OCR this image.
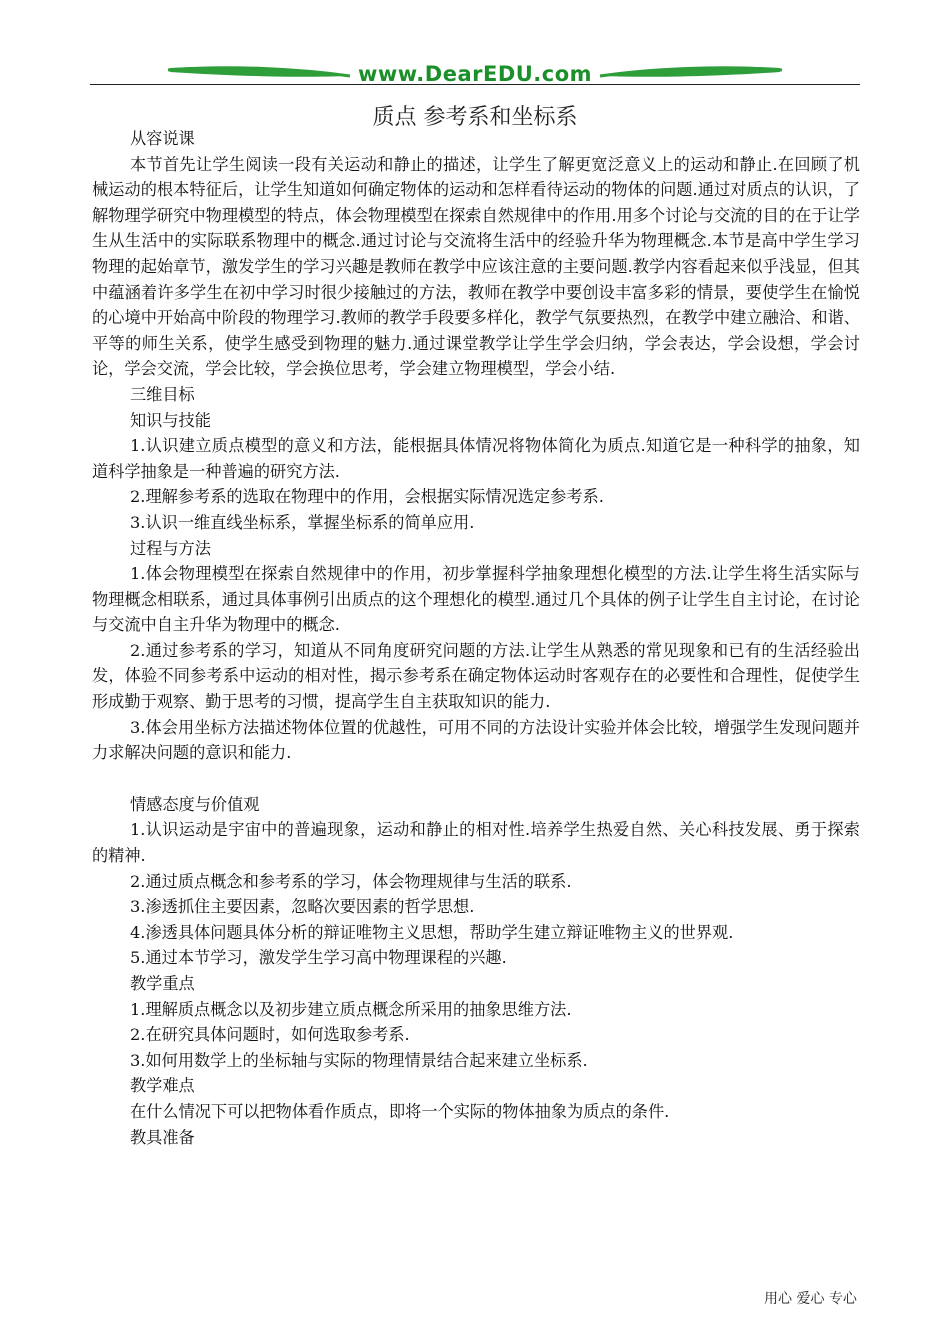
www.DearEDU.com
质点 参考系和坐标系

从容说课

本节首先让学生阅读一段有关运动和静止的描述，让学生了解更宽泛意义上的运动和静止.在回顾了机械运动的根本特征后，让学生知道如何确定物体的运动和怎样看待运动的物体的问题.通过对质点的认识，了解物理学研究中物理模型的特点，体会物理模型在探索自然规律中的作用.用多个讨论与交流的目的在于让学生从生活中的实际联系物理中的概念.通过讨论与交流将生活中的经验升华为物理概念.本节是高中学生学习物理的起始章节，激发学生的学习兴趣是教师在教学中应该注意的主要问题.教学内容看起来似乎浅显，但其中蕴涵着许多学生在初中学习时很少接触过的方法，教师在教学中要创设丰富多彩的情景，要使学生在愉悦的心境中开始高中阶段的物理学习.教师的教学手段要多样化，教学气氛要热烈，在教学中建立融洽、和谐、平等的师生关系，使学生感受到物理的魅力.通过课堂教学让学生学会归纳，学会表达，学会设想，学会讨论，学会交流，学会比较，学会换位思考，学会建立物理模型，学会小结.

三维目标

知识与技能

1.认识建立质点模型的意义和方法，能根据具体情况将物体简化为质点.知道它是一种科学的抽象，知道科学抽象是一种普遍的研究方法.

2.理解参考系的选取在物理中的作用，会根据实际情况选定参考系.

3.认识一维直线坐标系，掌握坐标系的简单应用.

过程与方法

1.体会物理模型在探索自然规律中的作用，初步掌握科学抽象理想化模型的方法.让学生将生活实际与物理概念相联系，通过具体事例引出质点的这个理想化的模型.通过几个具体的例子让学生自主讨论，在讨论与交流中自主升华为物理中的概念.

2.通过参考系的学习，知道从不同角度研究问题的方法.让学生从熟悉的常见现象和已有的生活经验出发，体验不同参考系中运动的相对性，揭示参考系在确定物体运动时客观存在的必要性和合理性，促使学生形成勤于观察、勤于思考的习惯，提高学生自主获取知识的能力.

3.体会用坐标方法描述物体位置的优越性，可用不同的方法设计实验并体会比较，增强学生发现问题并力求解决问题的意识和能力.

情感态度与价值观

1.认识运动是宇宙中的普遍现象，运动和静止的相对性.培养学生热爱自然、关心科技发展、勇于探索的精神.

2.通过质点概念和参考系的学习，体会物理规律与生活的联系.

3.渗透抓住主要因素，忽略次要因素的哲学思想.

4.渗透具体问题具体分析的辩证唯物主义思想，帮助学生建立辩证唯物主义的世界观.

5.通过本节学习，激发学生学习高中物理课程的兴趣.

教学重点

1.理解质点概念以及初步建立质点概念所采用的抽象思维方法.

2.在研究具体问题时，如何选取参考系.

3.如何用数学上的坐标轴与实际的物理情景结合起来建立坐标系.

教学难点

在什么情况下可以把物体看作质点，即将一个实际的物体抽象为质点的条件.

教具准备

用心 爱心 专心
